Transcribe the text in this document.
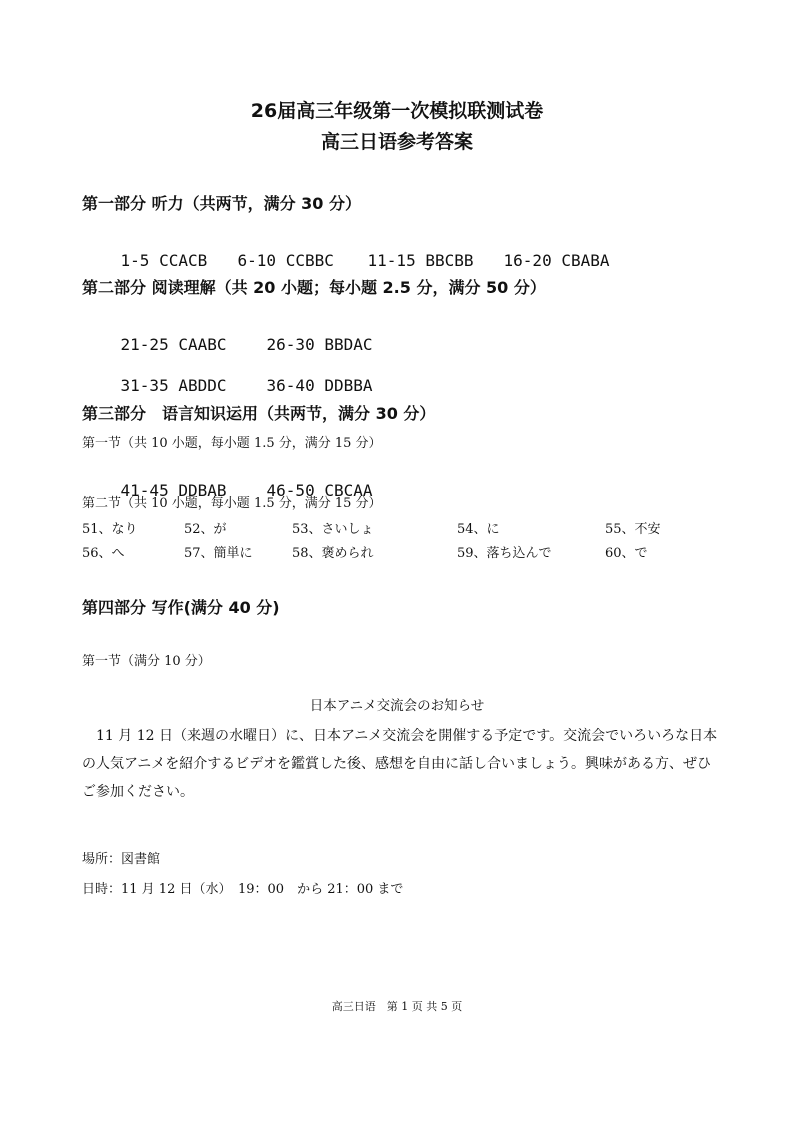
26届高三年级第一次模拟联测试卷
高三日语参考答案
第一部分 听力（共两节，满分 30 分）

1-5 CCACB 6-10 CCBBC 11-15 BBCBB 16-20 CBABA

第二部分 阅读理解（共 20 小题；每小题 2.5 分，满分 50 分）

21-25 CAABC	26-30 BBDAC

31-35 ABDDC	36-40 DDBBA

第三部分　语言知识运用（共两节，满分 30 分）
第一节（共 10 小题，每小题 1.5 分，满分 15 分）

41-45 DDBAB	46-50 CBCAA

第二节（共 10 小题，每小题 1.5 分，满分 15 分）
51、なり	52、が	53、さいしょ	54、に	55、不安
56、へ	57、簡単に	58、褒められ	59、落ち込んで	60、で
第四部分 写作(满分 40 分)
第一节（满分 10 分）
日本アニメ交流会のお知らせ
　11 月 12 日（来週の水曜日）に、日本アニメ交流会を開催する予定です。交流会でいろいろな日本の人気アニメを紹介するビデオを鑑賞した後、感想を自由に話し合いましょう。興味がある方、ぜひご参加ください。
場所：図書館
日時：11 月 12 日（水）　19：00　から 21：00 まで
高三日语　第 1 页 共 5 页
